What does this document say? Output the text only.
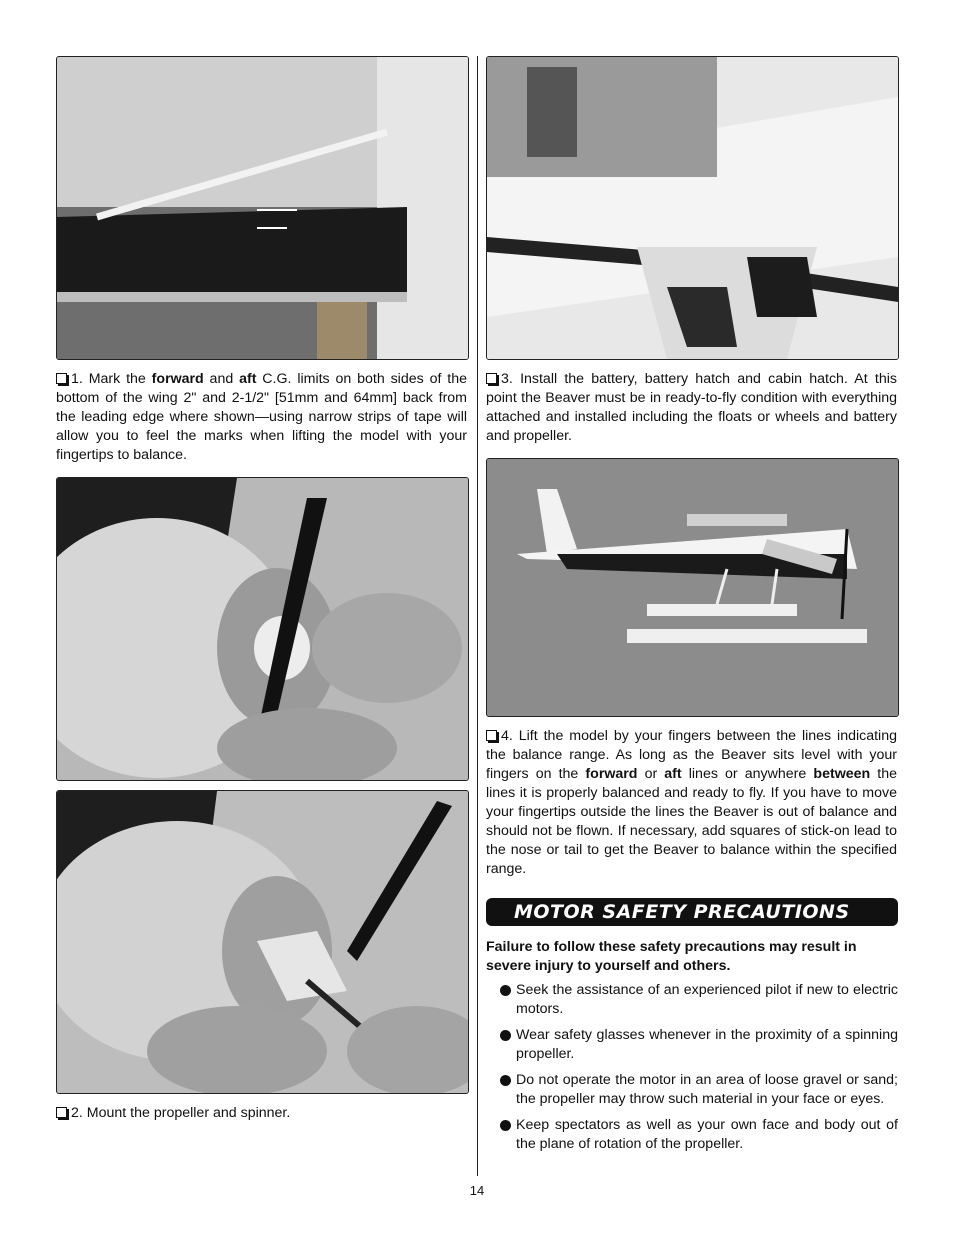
1. Mark the forward and aft C.G. limits on both sides of the bottom of the wing 2" and 2-1/2" [51mm and 64mm] back from the leading edge where shown—using narrow strips of tape will allow you to feel the marks when lifting the model with your fingertips to balance.

3. Install the battery, battery hatch and cabin hatch. At this point the Beaver must be in ready-to-fly condition with everything attached and installed including the floats or wheels and battery and propeller.

4. Lift the model by your fingers between the lines indicating the balance range. As long as the Beaver sits level with your fingers on the forward or aft lines or anywhere between the lines it is properly balanced and ready to fly. If you have to move your fingertips outside the lines the Beaver is out of balance and should not be flown. If necessary, add squares of stick-on lead to the nose or tail to get the Beaver to balance within the specified range.

2. Mount the propeller and spinner.

MOTOR SAFETY PRECAUTIONS

Failure to follow these safety precautions may result in severe injury to yourself and others.

Seek the assistance of an experienced pilot if new to electric motors.
Wear safety glasses whenever in the proximity of a spinning propeller.
Do not operate the motor in an area of loose gravel or sand; the propeller may throw such material in your face or eyes.
Keep spectators as well as your own face and body out of the plane of rotation of the propeller.
14
